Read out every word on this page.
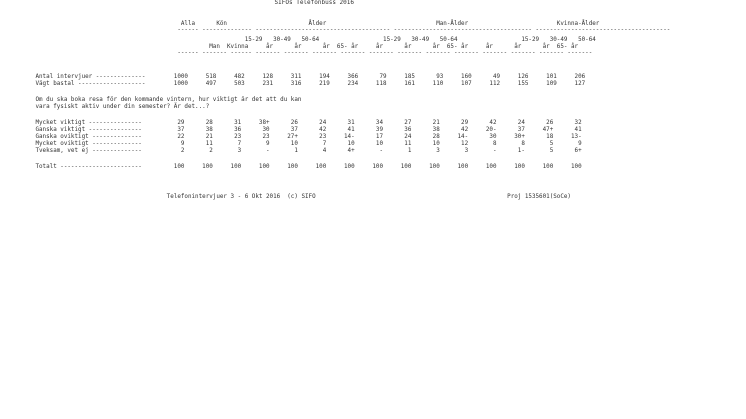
SIFOs Telefonbuss 2016
Alla      Kön                       Ålder                               Man-Ålder                         Kvinna-Ålder
------ -------------- -------------------------------------- --------------------------------------- --------------------------------------
15-29   30-49   50-64                  15-29   30-49   50-64                  15-29   30-49   50-64
Man  Kvinna     år      år      år  65- år     år      år      år  65- år     år      år      år  65- år
------ ------- ------ ------- ------- ------- ------- ------- ------- ------- ------- ------- ------- ------- -------
Antal intervjuer --------------        1000     518     482     128     311     194     366      79     185      93     160      49     126     101     206
Vägt bastal -------------------        1000     497     503     231     316     219     234     118     161     110     107     112     155     109     127
Om du ska boka resa för den kommande vintern, hur viktigt är det att du kan
vara fysiskt aktiv under din semester? Är det...?
Mycket viktigt ---------------          29      28      31     38+      26      24      31      34      27      21      29      42      24      26      32
Ganska viktigt ---------------          37      38      36      30      37      42      41      39      36      38      42     20-      37     47+      41
Ganska oviktigt --------------          22      21      23      23     27+      23     14-      17      24      28     14-      30     30+      18     13-
Mycket oviktigt --------------           9      11       7       9      10       7      10      10      11      10      12       8       8       5       9
Tveksam, vet ej --------------           2       2       3       -       1       4      4+       -       1       3       3       -      1-       5      6+
Totalt -----------------------         100     100     100     100     100     100     100     100     100     100     100     100     100     100     100
Telefonintervjuer 3 - 6 Okt 2016  (c) SIFO                                                      Proj 1535601(SoCe)
